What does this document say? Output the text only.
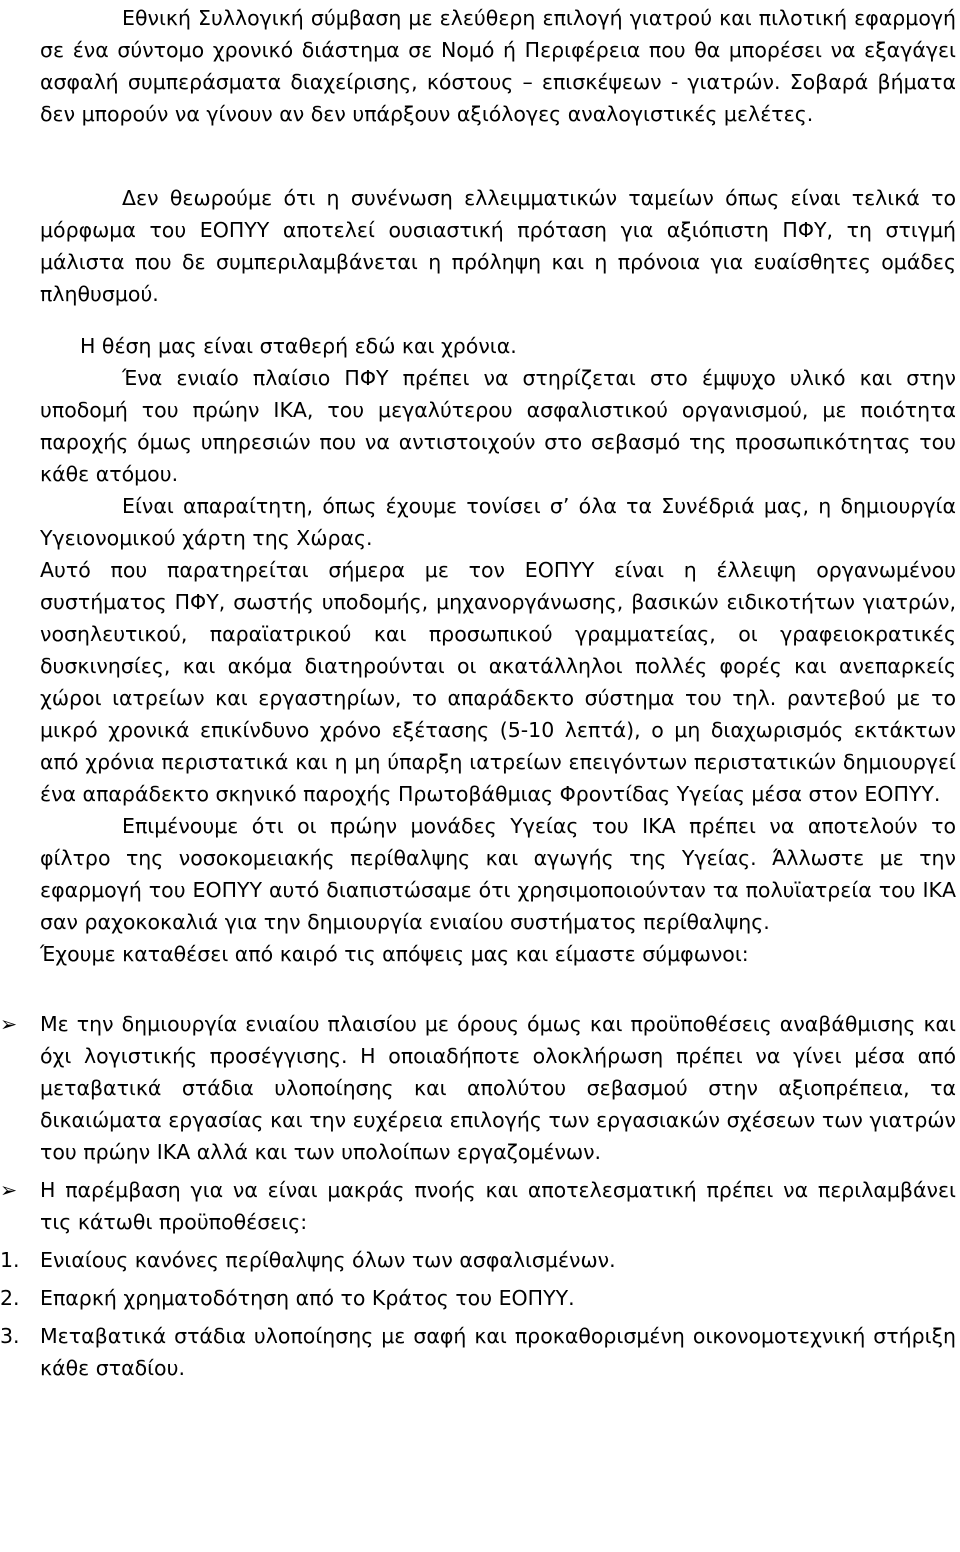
Εθνική Συλλογική σύμβαση με ελεύθερη επιλογή γιατρού και πιλοτική εφαρμογή σε ένα σύντομο χρονικό διάστημα σε Νομό ή Περιφέρεια που θα μπορέσει να εξαγάγει ασφαλή συμπεράσματα διαχείρισης, κόστους – επισκέψεων - γιατρών. Σοβαρά βήματα δεν μπορούν να γίνουν αν δεν υπάρξουν αξιόλογες αναλογιστικές μελέτες.

Δεν θεωρούμε ότι η συνένωση ελλειμματικών ταμείων όπως είναι τελικά το μόρφωμα του ΕΟΠΥΥ αποτελεί ουσιαστική πρόταση για αξιόπιστη ΠΦΥ, τη στιγμή μάλιστα που δε συμπεριλαμβάνεται η πρόληψη και η πρόνοια για ευαίσθητες ομάδες πληθυσμού.

Η θέση μας είναι σταθερή εδώ και χρόνια.

Ένα ενιαίο πλαίσιο ΠΦΥ πρέπει να στηρίζεται στο έμψυχο υλικό και στην υποδομή του πρώην ΙΚΑ, του μεγαλύτερου ασφαλιστικού οργανισμού, με ποιότητα παροχής όμως υπηρεσιών που να αντιστοιχούν στο σεβασμό της προσωπικότητας του κάθε ατόμου.

Είναι απαραίτητη, όπως έχουμε τονίσει σ’ όλα τα Συνέδριά μας, η δημιουργία Υγειονομικού χάρτη της Χώρας.

Αυτό που παρατηρείται σήμερα με τον ΕΟΠΥΥ είναι η έλλειψη οργανωμένου συστήματος ΠΦΥ, σωστής υποδομής, μηχανοργάνωσης, βασικών ειδικοτήτων γιατρών, νοσηλευτικού, παραϊατρικού και προσωπικού γραμματείας, οι γραφειοκρατικές δυσκινησίες, και ακόμα διατηρούνται οι ακατάλληλοι πολλές φορές και ανεπαρκείς χώροι ιατρείων και εργαστηρίων, το απαράδεκτο σύστημα του τηλ. ραντεβού με το μικρό χρονικά επικίνδυνο χρόνο εξέτασης (5-10 λεπτά), ο μη διαχωρισμός εκτάκτων από χρόνια περιστατικά και η μη ύπαρξη ιατρείων επειγόντων περιστατικών δημιουργεί ένα απαράδεκτο σκηνικό παροχής Πρωτοβάθμιας Φροντίδας Υγείας μέσα στον ΕΟΠΥΥ.

Επιμένουμε ότι οι πρώην μονάδες Υγείας του ΙΚΑ πρέπει να αποτελούν το φίλτρο της νοσοκομειακής περίθαλψης και αγωγής της Υγείας. Άλλωστε με την εφαρμογή του ΕΟΠΥΥ αυτό διαπιστώσαμε ότι χρησιμοποιούνταν τα πολυϊατρεία του ΙΚΑ σαν ραχοκοκαλιά για την δημιουργία ενιαίου συστήματος περίθαλψης.

Έχουμε καταθέσει από καιρό τις απόψεις μας και είμαστε σύμφωνοι:

➢	Με την δημιουργία ενιαίου πλαισίου με όρους όμως και προϋποθέσεις αναβάθμισης και όχι λογιστικής προσέγγισης. Η οποιαδήποτε ολοκλήρωση πρέπει να γίνει μέσα από μεταβατικά στάδια υλοποίησης και απολύτου σεβασμού στην αξιοπρέπεια, τα δικαιώματα εργασίας και την ευχέρεια επιλογής των εργασιακών σχέσεων των γιατρών του πρώην ΙΚΑ αλλά και των υπολοίπων εργαζομένων.

➢	Η παρέμβαση για να είναι μακράς πνοής και αποτελεσματική πρέπει να περιλαμβάνει τις κάτωθι προϋποθέσεις:

1. Ενιαίους κανόνες περίθαλψης όλων των ασφαλισμένων.

2. Επαρκή χρηματοδότηση από το Κράτος του ΕΟΠΥΥ.

3. Μεταβατικά στάδια υλοποίησης με σαφή και προκαθορισμένη οικονομοτεχνική στήριξη κάθε σταδίου.
